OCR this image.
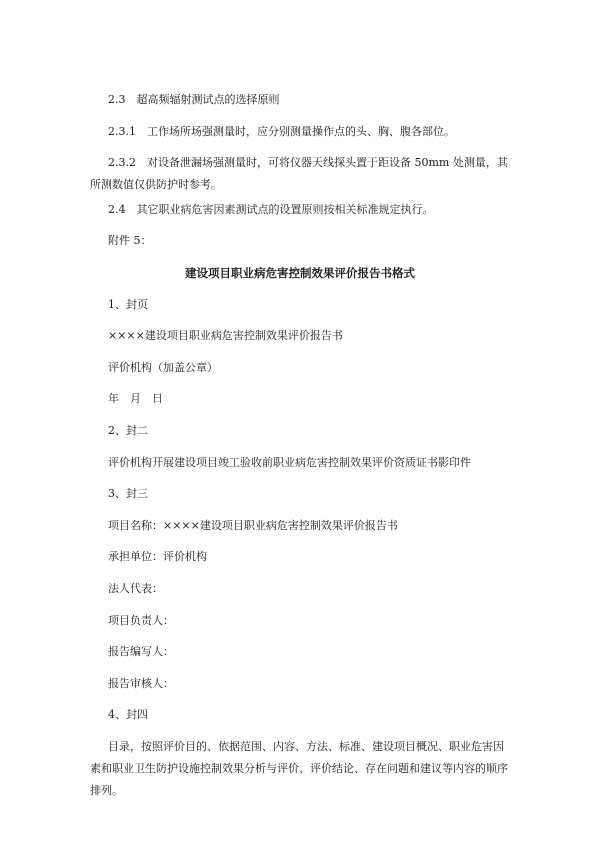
2.3　超高频辐射测试点的选择原则
2.3.1　工作场所场强测量时，应分别测量操作点的头、胸、腹各部位。
2.3.2　对设备泄漏场强测量时，可将仪器天线探头置于距设备 50mm 处测量，其所测数值仅供防护时参考。
2.4　其它职业病危害因素测试点的设置原则按相关标准规定执行。
附件 5：
建设项目职业病危害控制效果评价报告书格式
1、封页
××××建设项目职业病危害控制效果评价报告书
评价机构（加盖公章）
年　月　日
2、封二
评价机构开展建设项目竣工验收前职业病危害控制效果评价资质证书影印件
3、封三
项目名称：××××建设项目职业病危害控制效果评价报告书
承担单位：评价机构
法人代表：
项目负责人：
报告编写人：
报告审核人：
4、封四
目录，按照评价目的、依据范围、内容、方法、标准、建设项目概况、职业危害因素和职业卫生防护设施控制效果分析与评价、评价结论、存在问题和建议等内容的顺序排列。
